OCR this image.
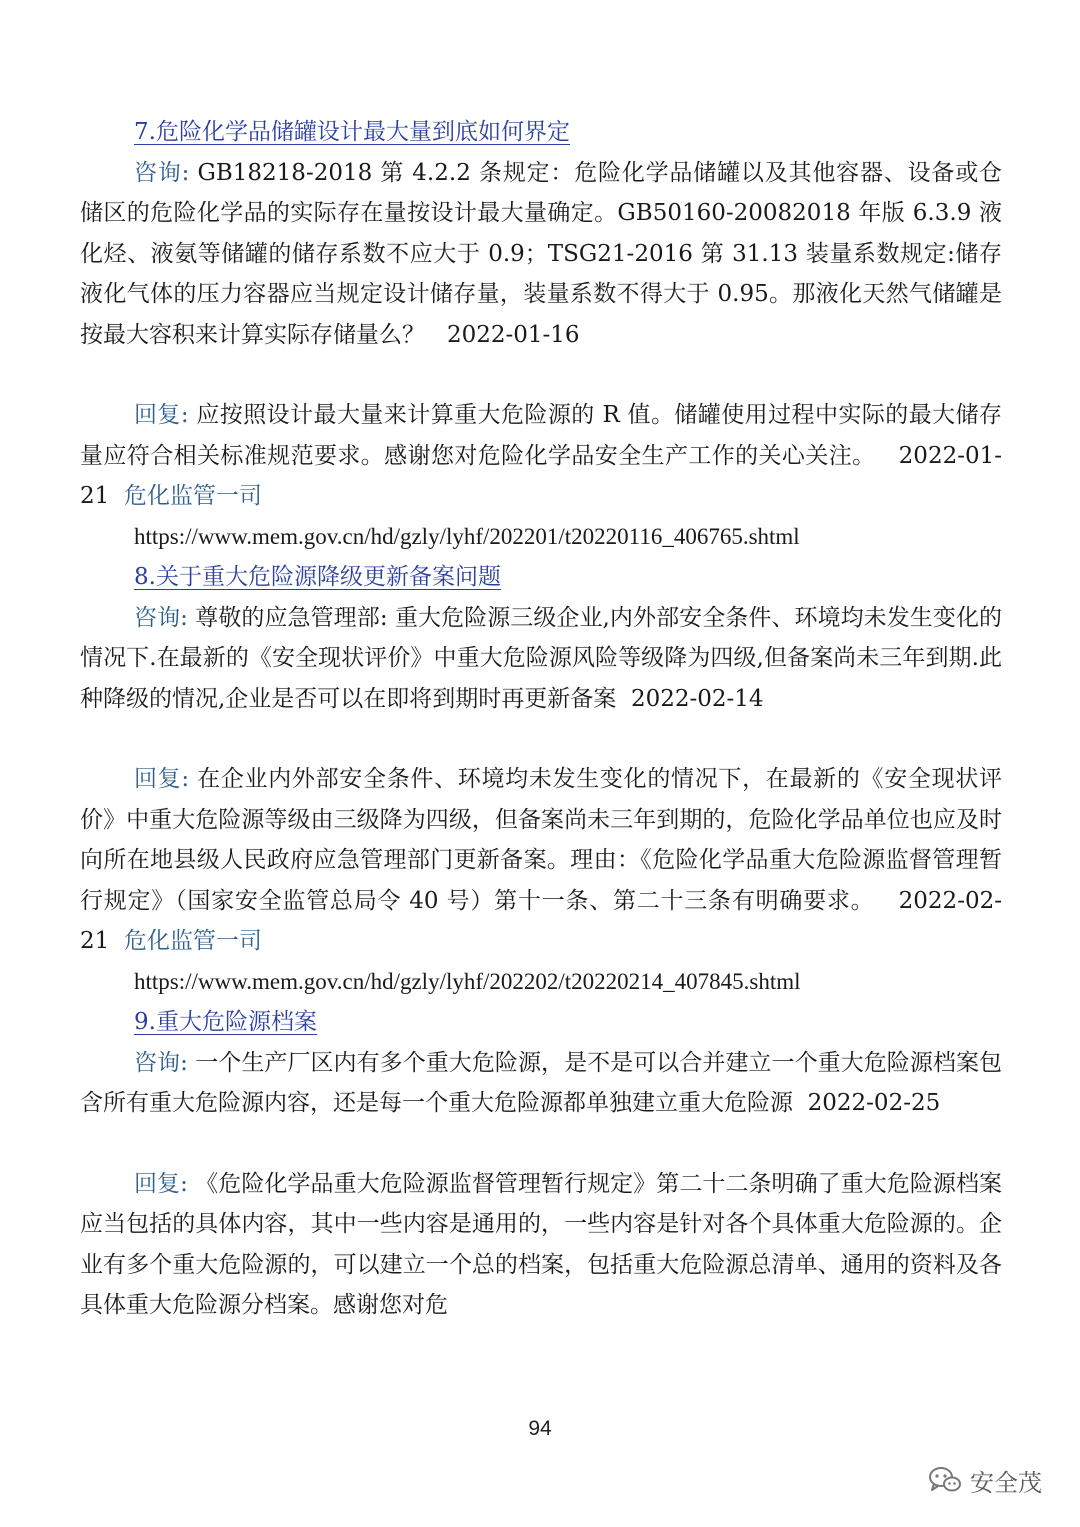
7.危险化学品储罐设计最大量到底如何界定

咨询: GB18218-2018 第 4.2.2 条规定：危险化学品储罐以及其他容器、设备或仓储区的危险化学品的实际存在量按设计最大量确定。GB50160-20082018 年版 6.3.9 液化烃、液氨等储罐的储存系数不应大于 0.9；TSG21-2016 第 31.13 装量系数规定:储存液化气体的压力容器应当规定设计储存量，装量系数不得大于 0.95。那液化天然气储罐是按最大容积来计算实际存储量么？ 2022-01-16

回复: 应按照设计最大量来计算重大危险源的 R 值。储罐使用过程中实际的最大储存量应符合相关标准规范要求。感谢您对危险化学品安全生产工作的关心关注。 2022-01-21 危化监管一司

https://www.mem.gov.cn/hd/gzly/lyhf/202201/t20220116_406765.shtml

8.关于重大危险源降级更新备案问题

咨询: 尊敬的应急管理部: 重大危险源三级企业,内外部安全条件、环境均未发生变化的情况下.在最新的《安全现状评价》中重大危险源风险等级降为四级,但备案尚未三年到期.此种降级的情况,企业是否可以在即将到期时再更新备案 2022-02-14

回复: 在企业内外部安全条件、环境均未发生变化的情况下，在最新的《安全现状评价》中重大危险源等级由三级降为四级，但备案尚未三年到期的，危险化学品单位也应及时向所在地县级人民政府应急管理部门更新备案。理由：《危险化学品重大危险源监督管理暂行规定》（国家安全监管总局令 40 号）第十一条、第二十三条有明确要求。 2022-02-21 危化监管一司

https://www.mem.gov.cn/hd/gzly/lyhf/202202/t20220214_407845.shtml

9.重大危险源档案

咨询: 一个生产厂区内有多个重大危险源，是不是可以合并建立一个重大危险源档案包含所有重大危险源内容，还是每一个重大危险源都单独建立重大危险源 2022-02-25

回复: 《危险化学品重大危险源监督管理暂行规定》第二十二条明确了重大危险源档案应当包括的具体内容，其中一些内容是通用的，一些内容是针对各个具体重大危险源的。企业有多个重大危险源的，可以建立一个总的档案，包括重大危险源总清单、通用的资料及各具体重大危险源分档案。感谢您对危

94
安全茂
